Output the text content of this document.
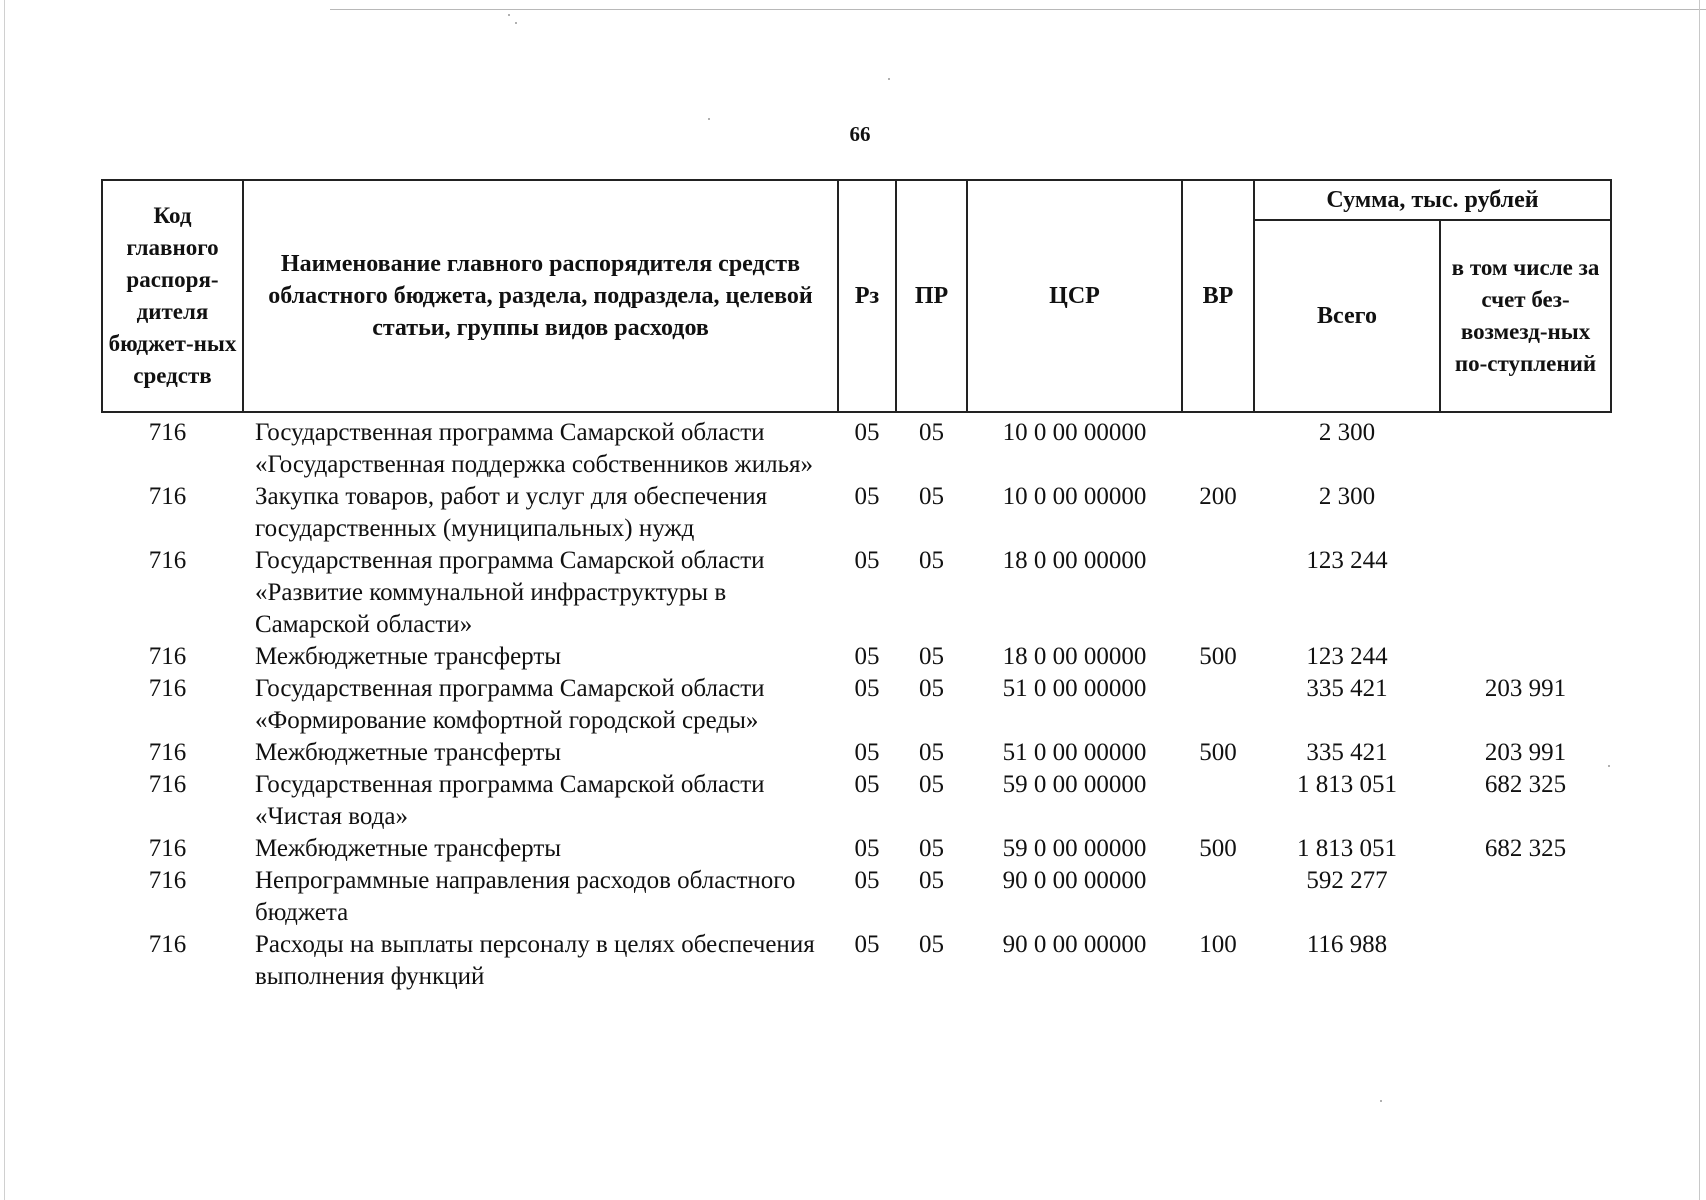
66
Код главного распоря-дителя бюджет-ных средств	Наименование главного распорядителя средств областного бюджета, раздела, подраздела, целевой статьи, группы видов расходов	Рз	ПР	ЦСР	ВР	Сумма, тыс. рублей	
						Всего	в том числе за счет без-возмезд-ных по-ступлений
716	Государственная программа Самарской области «Государственная поддержка собственников жилья»	05	05	10 0 00 00000		2 300	
716	Закупка товаров, работ и услуг для обеспечения государственных (муниципальных) нужд	05	05	10 0 00 00000	200	2 300	
716	Государственная программа Самарской области «Развитие коммунальной инфраструктуры в Самарской области»	05	05	18 0 00 00000		123 244	
716	Межбюджетные трансферты	05	05	18 0 00 00000	500	123 244	
716	Государственная программа Самарской области «Формирование комфортной городской среды»	05	05	51 0 00 00000		335 421	203 991
716	Межбюджетные трансферты	05	05	51 0 00 00000	500	335 421	203 991
716	Государственная программа Самарской области «Чистая вода»	05	05	59 0 00 00000		1 813 051	682 325
716	Межбюджетные трансферты	05	05	59 0 00 00000	500	1 813 051	682 325
716	Непрограммные направления расходов областного бюджета	05	05	90 0 00 00000		592 277	
716	Расходы на выплаты персоналу в целях обеспечения выполнения функций	05	05	90 0 00 00000	100	116 988	
